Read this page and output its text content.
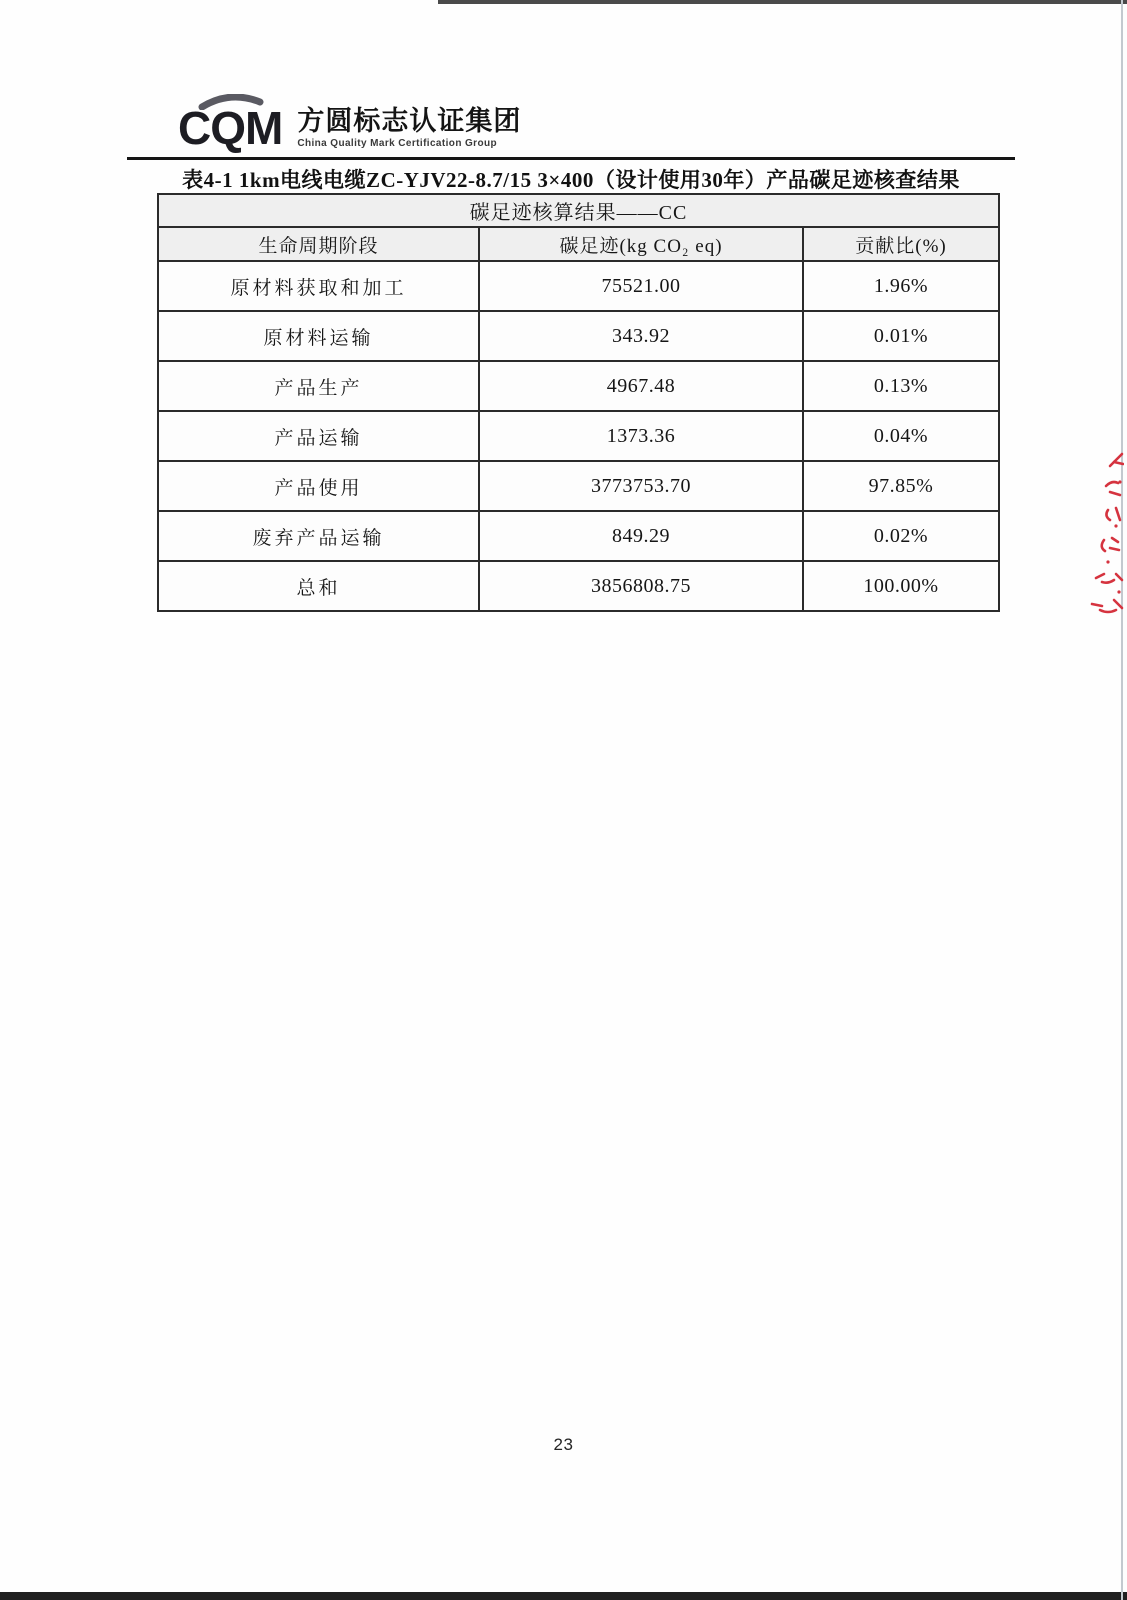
CQM 方圆标志认证集团
China Quality Mark Certification Group
表4-1 1km电线电缆ZC-YJV22-8.7/15 3×400（设计使用30年）产品碳足迹核查结果
碳足迹核算结果——CC		
生命周期阶段	碳足迹(kg CO₂ eq)	贡献比(%)
原材料获取和加工	75521.00	1.96%
原材料运输	343.92	0.01%
产品生产	4967.48	0.13%
产品运输	1373.36	0.04%
产品使用	3773753.70	97.85%
废弃产品运输	849.29	0.02%
总和	3856808.75	100.00%
23
